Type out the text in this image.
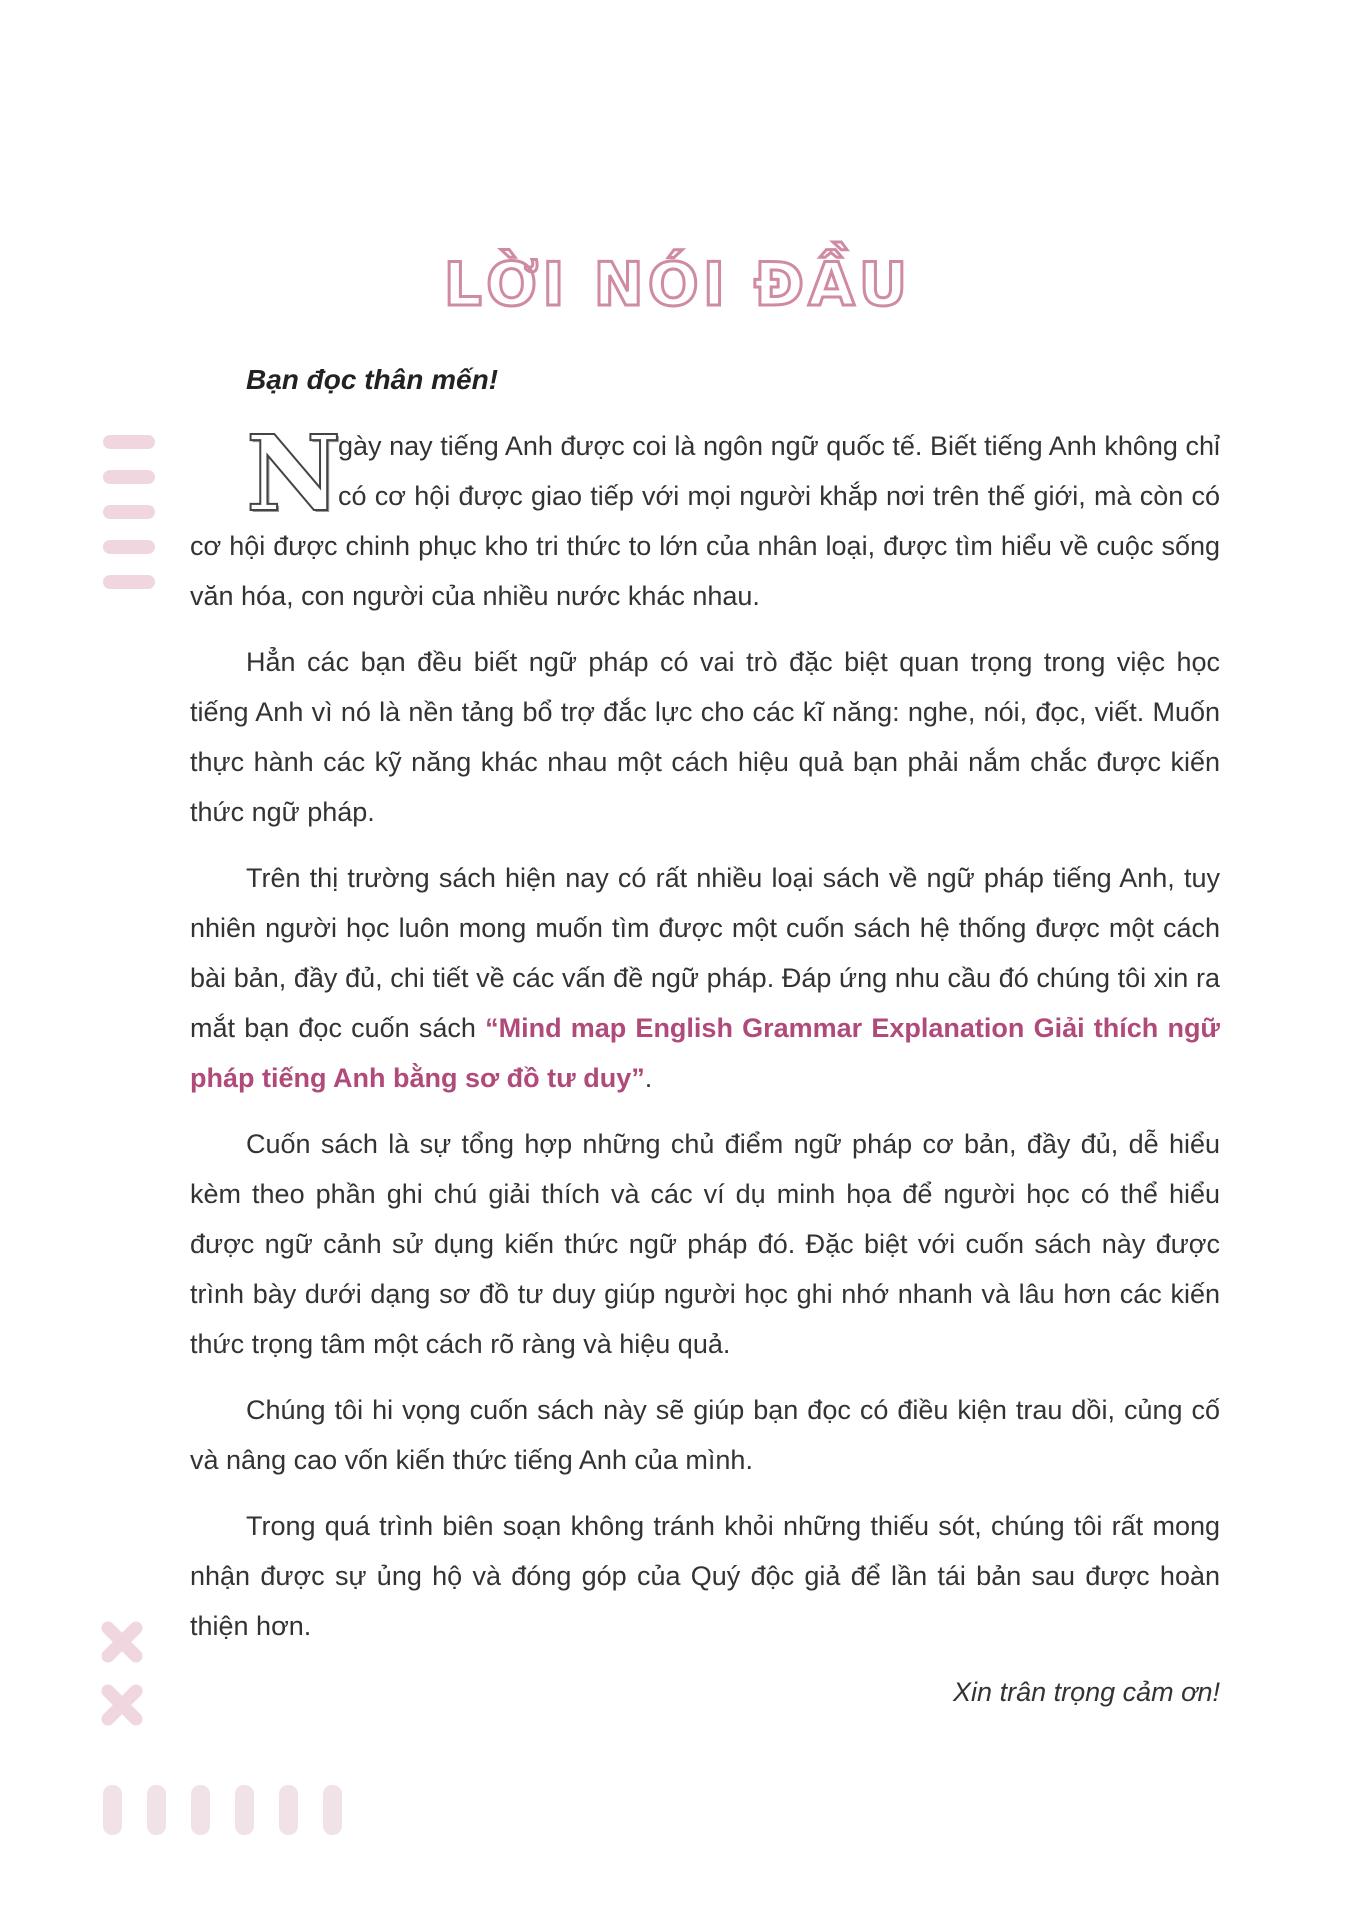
LỜI NÓI ĐẦU
Bạn đọc thân mến!

N
gày nay tiếng Anh được coi là ngôn ngữ quốc tế. Biết tiếng Anh không chỉ có cơ hội được giao tiếp với mọi người khắp nơi trên thế giới, mà còn có cơ hội được chinh phục kho tri thức to lớn của nhân loại, được tìm hiểu về cuộc sống văn hóa, con người của nhiều nước khác nhau.

Hẳn các bạn đều biết ngữ pháp có vai trò đặc biệt quan trọng trong việc học tiếng Anh vì nó là nền tảng bổ trợ đắc lực cho các kĩ năng: nghe, nói, đọc, viết. Muốn thực hành các kỹ năng khác nhau một cách hiệu quả bạn phải nắm chắc được kiến thức ngữ pháp.

Trên thị trường sách hiện nay có rất nhiều loại sách về ngữ pháp tiếng Anh, tuy nhiên người học luôn mong muốn tìm được một cuốn sách hệ thống được một cách bài bản, đầy đủ, chi tiết về các vấn đề ngữ pháp. Đáp ứng nhu cầu đó chúng tôi xin ra mắt bạn đọc cuốn sách “Mind map English Grammar Explanation Giải thích ngữ pháp tiếng Anh bằng sơ đồ tư duy”.

Cuốn sách là sự tổng hợp những chủ điểm ngữ pháp cơ bản, đầy đủ, dễ hiểu kèm theo phần ghi chú giải thích và các ví dụ minh họa để người học có thể hiểu được ngữ cảnh sử dụng kiến thức ngữ pháp đó. Đặc biệt với cuốn sách này được trình bày dưới dạng sơ đồ tư duy giúp người học ghi nhớ nhanh và lâu hơn các kiến thức trọng tâm một cách rõ ràng và hiệu quả.

Chúng tôi hi vọng cuốn sách này sẽ giúp bạn đọc có điều kiện trau dồi, củng cố và nâng cao vốn kiến thức tiếng Anh của mình.

Trong quá trình biên soạn không tránh khỏi những thiếu sót, chúng tôi rất mong nhận được sự ủng hộ và đóng góp của Quý độc giả để lần tái bản sau được hoàn thiện hơn.

Xin trân trọng cảm ơn!
